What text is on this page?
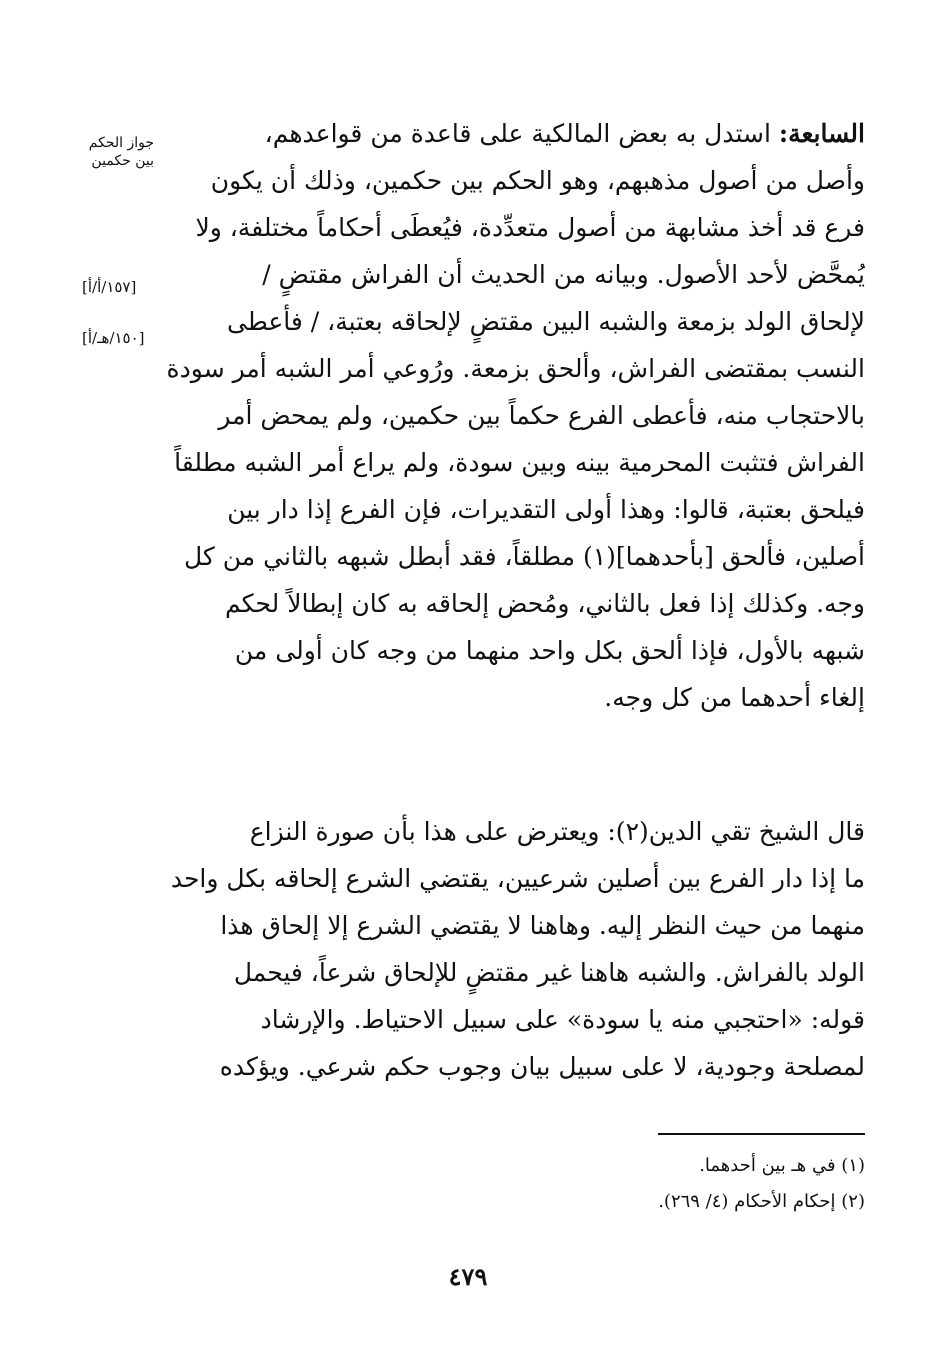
جواز الحكم
بين حكمين
[١٥٧/أ/أ]
[١٥٠/هـ/أ]
السابعة: استدل به بعض المالكية على قاعدة من قواعدهم،
وأصل من أصول مذهبهم، وهو الحكم بين حكمين، وذلك أن يكون
فرع قد أخذ مشابهة من أصول متعدِّدة، فيُعطَى أحكاماً مختلفة، ولا
يُمحَّض لأحد الأصول. وبيانه من الحديث أن الفراش مقتضٍ /
لإلحاق الولد بزمعة والشبه البين مقتضٍ لإلحاقه بعتبة، / فأعطى
النسب بمقتضى الفراش، وألحق بزمعة. ورُوعي أمر الشبه أمر سودة
بالاحتجاب منه، فأعطى الفرع حكماً بين حكمين، ولم يمحض أمر
الفراش فتثبت المحرمية بينه وبين سودة، ولم يراع أمر الشبه مطلقاً
فيلحق بعتبة، قالوا: وهذا أولى التقديرات، فإن الفرع إذا دار بين
أصلين، فألحق [بأحدهما](١) مطلقاً، فقد أبطل شبهه بالثاني من كل
وجه. وكذلك إذا فعل بالثاني، ومُحض إلحاقه به كان إبطالاً لحكم
شبهه بالأول، فإذا ألحق بكل واحد منهما من وجه كان أولى من
إلغاء أحدهما من كل وجه.
قال الشيخ تقي الدين(٢): ويعترض على هذا بأن صورة النزاع
ما إذا دار الفرع بين أصلين شرعيين، يقتضي الشرع إلحاقه بكل واحد
منهما من حيث النظر إليه. وهاهنا لا يقتضي الشرع إلا إلحاق هذا
الولد بالفراش. والشبه هاهنا غير مقتضٍ للإلحاق شرعاً، فيحمل
قوله: «احتجبي منه يا سودة» على سبيل الاحتياط. والإرشاد
لمصلحة وجودية، لا على سبيل بيان وجوب حكم شرعي. ويؤكده
(١) في هـ بين أحدهما.
(٢) إحكام الأحكام (٤/ ٢٦٩).
٤٧٩
